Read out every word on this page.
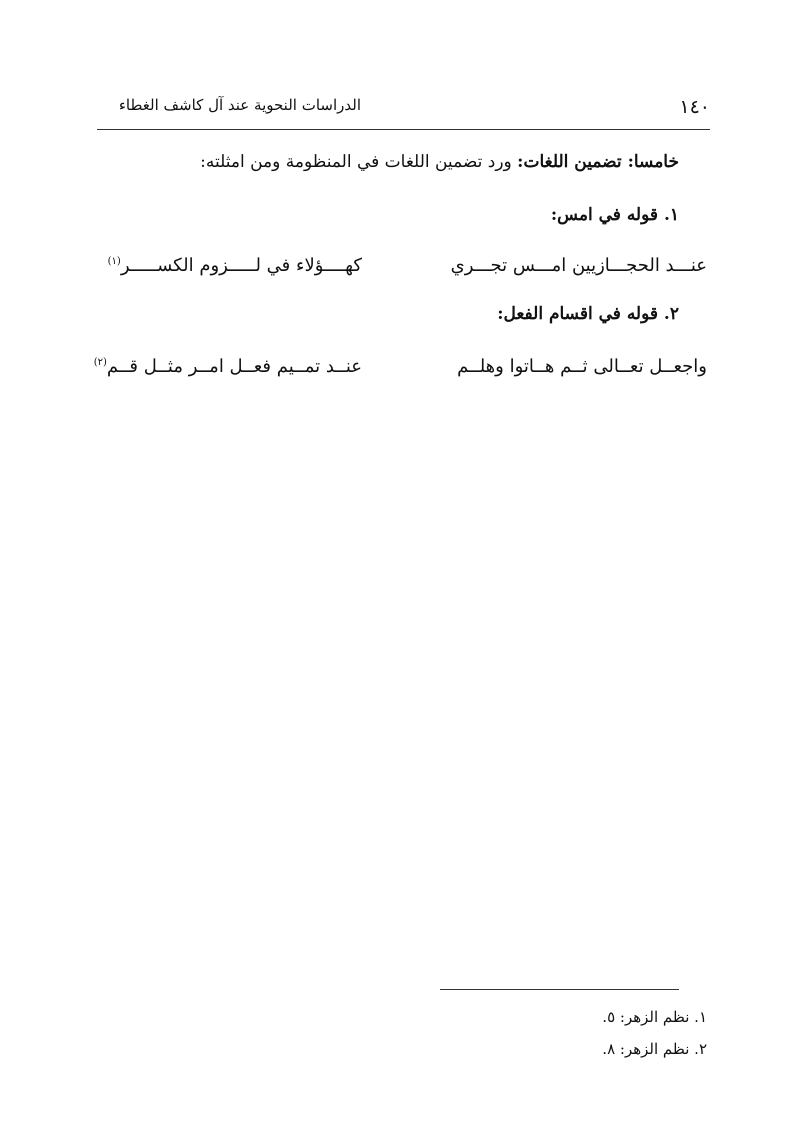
الدراسات النحوية عند آل كاشف الغطاء	١٤٠
خامسا: تضمين اللغات: ورد تضمين اللغات في المنظومة ومن امثلته:
١. قوله في امس:
عنـــد الحجـــازيين امـــس تجـــري
كهــــؤلاء في لـــــزوم الكســـــر$^{(١)}$
٢. قوله في اقسام الفعل:
واجعــل تعــالى ثــم هــاتوا وهلــم
عنــد تمــيم فعــل امــر مثــل قــم$^{(٢)}$
١. نظم الزهر: ٥.
٢. نظم الزهر: ٨.
